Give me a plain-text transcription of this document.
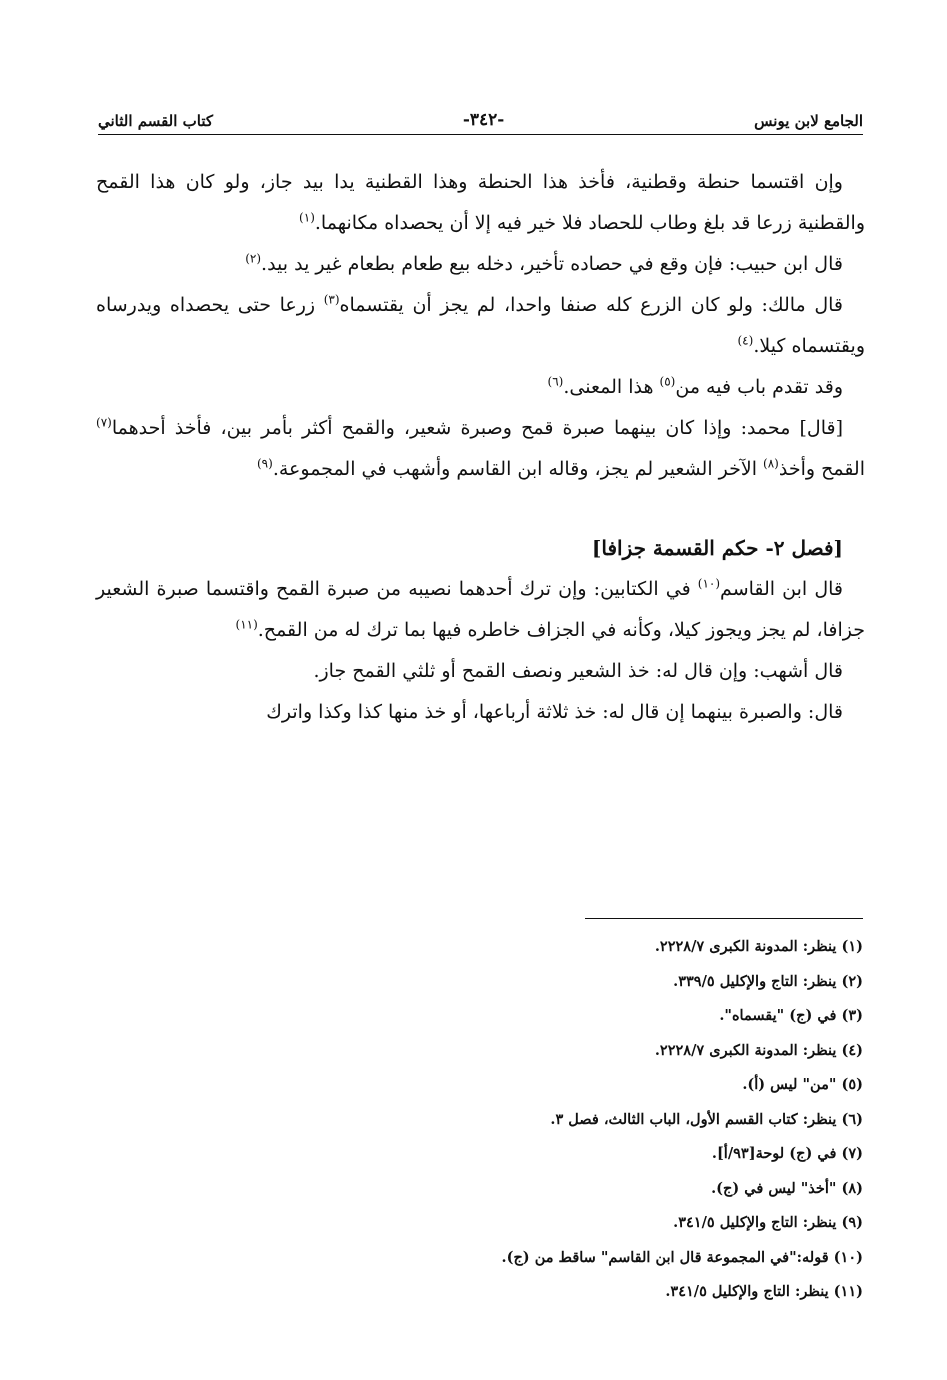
الجامع لابن يونس
-٣٤٢-
كتاب القسم الثاني

وإن اقتسما حنطة وقطنية، فأخذ هذا الحنطة وهذا القطنية يدا بيد جاز، ولو كان هذا القمح والقطنية زرعا قد بلغ وطاب للحصاد فلا خير فيه إلا أن يحصداه مكانهما.$^{(١)}$

قال ابن حبيب: فإن وقع في حصاده تأخير، دخله بيع طعام بطعام غير يد بيد.$^{(٢)}$

قال مالك: ولو كان الزرع كله صنفا واحدا، لم يجز أن يقتسماه$^{(٣)}$ زرعا حتى يحصداه ويدرساه ويقتسماه كيلا.$^{(٤)}$

وقد تقدم باب فيه من$^{(٥)}$ هذا المعنى.$^{(٦)}$

[قال] محمد: وإذا كان بينهما صبرة قمح وصبرة شعير، والقمح أكثر بأمر بين، فأخذ أحدهما$^{(٧)}$ القمح وأخذ$^{(٨)}$ الآخر الشعير لم يجز، وقاله ابن القاسم وأشهب في المجموعة.$^{(٩)}$

[فصل ٢- حكم القسمة جزافا]

قال ابن القاسم$^{(١٠)}$ في الكتابين: وإن ترك أحدهما نصيبه من صبرة القمح واقتسما صبرة الشعير جزافا، لم يجز ويجوز كيلا، وكأنه في الجزاف خاطره فيها بما ترك له من القمح.$^{(١١)}$

قال أشهب: وإن قال له: خذ الشعير ونصف القمح أو ثلثي القمح جاز.

قال: والصبرة بينهما إن قال له: خذ ثلاثة أرباعها، أو خذ منها كذا وكذا واترك

(١) ينظر: المدونة الكبرى ٢٢٢٨/٧.
(٢) ينظر: التاج والإكليل ٣٣٩/٥.
(٣) في (ج) "يقسماه".
(٤) ينظر: المدونة الكبرى ٢٢٢٨/٧.
(٥) "من" ليس (أ).
(٦) ينظر: كتاب القسم الأول، الباب الثالث، فصل ٣.
(٧) في (ج) لوحة[٩٣/أ].
(٨) "أخذ" ليس في (ج).
(٩) ينظر: التاج والإكليل ٣٤١/٥.
(١٠) قوله:"في المجموعة قال ابن القاسم" ساقط من (ج).
(١١) ينظر: التاج والإكليل ٣٤١/٥.
